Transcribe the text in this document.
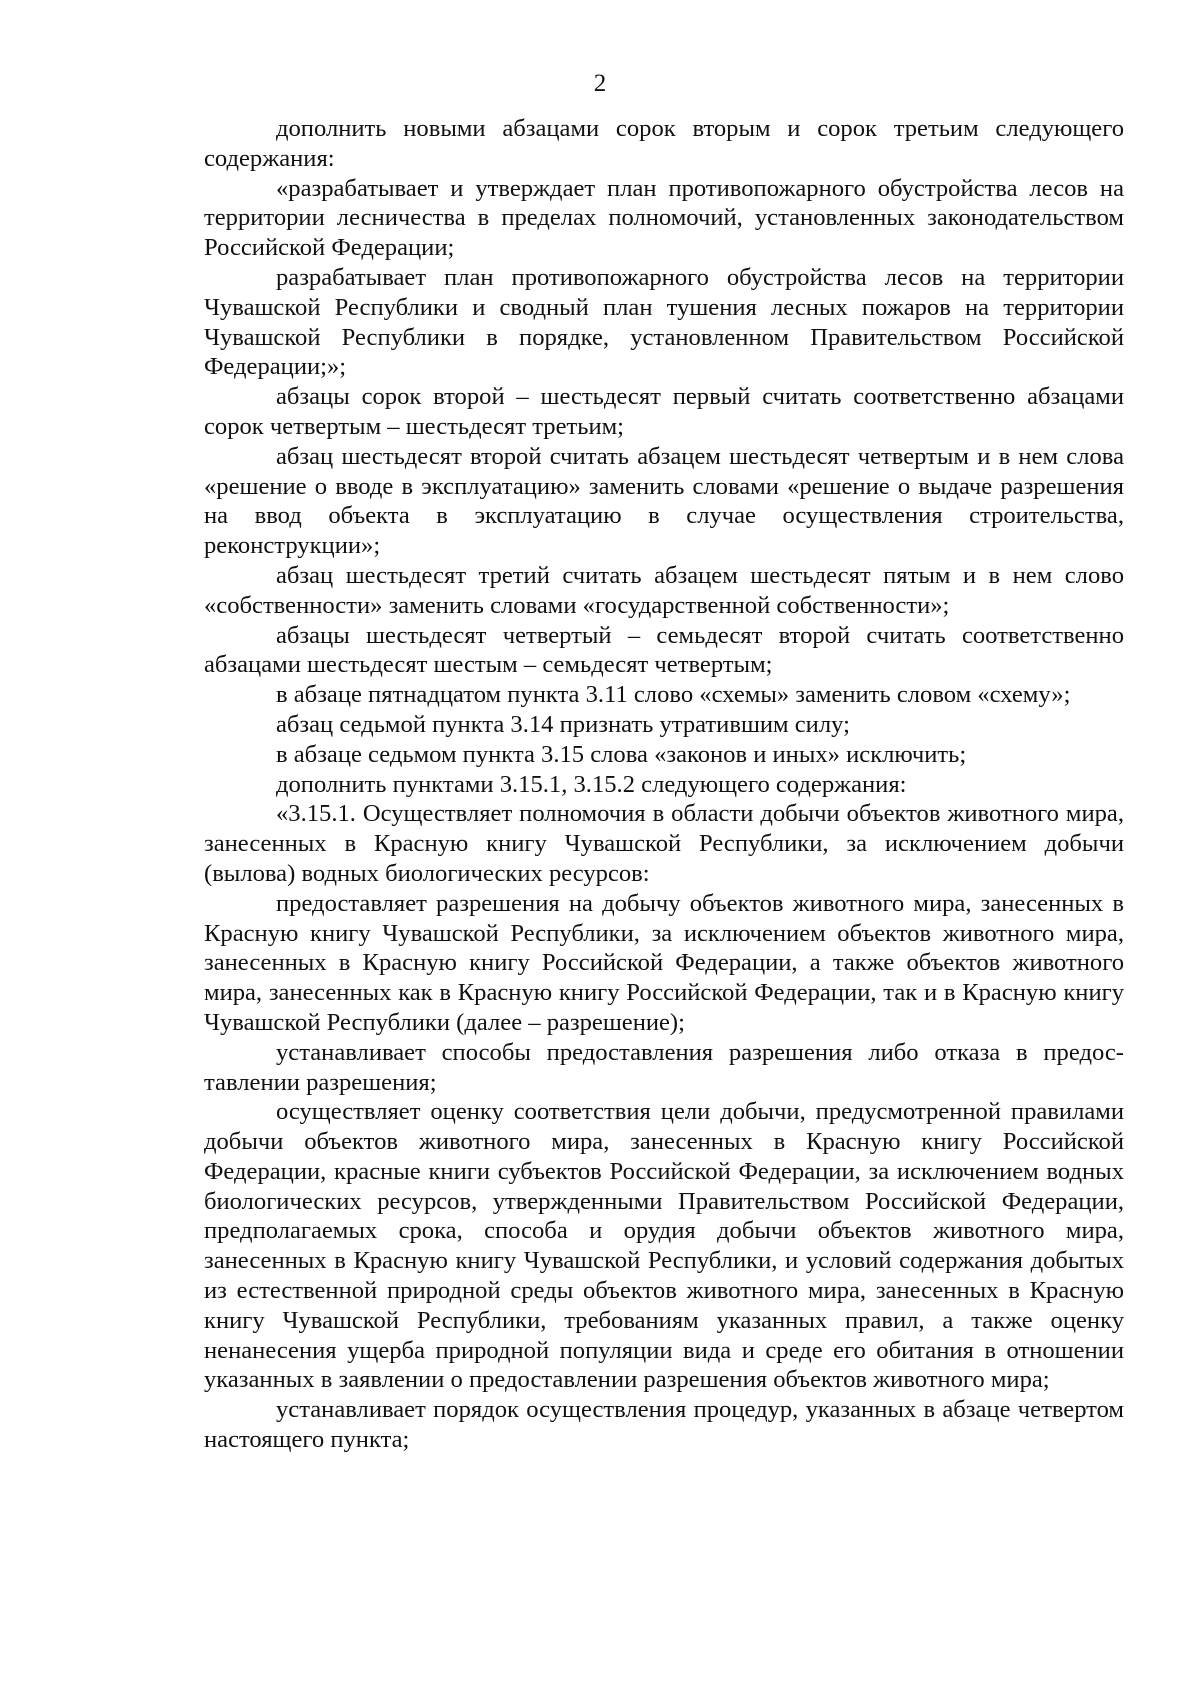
2

дополнить новыми абзацами сорок вторым и сорок третьим следующего содержания:

«разрабатывает и утверждает план противопожарного обустройства лесов на территории лесничества в пределах полномочий, установленных законодательством Российской Федерации;

разрабатывает план противопожарного обустройства лесов на территории Чувашской Республики и сводный план тушения лесных пожаров на территории Чувашской Республики в порядке, установленном Правительством Российской Федерации;»;

абзацы сорок второй – шестьдесят первый считать соответственно абзацами сорок четвертым – шестьдесят третьим;

абзац шестьдесят второй считать абзацем шестьдесят четвертым и в нем слова «решение о вводе в эксплуатацию» заменить словами «решение о выдаче разрешения на ввод объекта в эксплуатацию в случае осуществления строительства, реконструкции»;

абзац шестьдесят третий считать абзацем шестьдесят пятым и в нем слово «собственности» заменить словами «государственной собственности»;

абзацы шестьдесят четвертый – семьдесят второй считать соответственно абзацами шестьдесят шестым – семьдесят четвертым;

в абзаце пятнадцатом пункта 3.11 слово «схемы» заменить словом «схему»;

абзац седьмой пункта 3.14 признать утратившим силу;

в абзаце седьмом пункта 3.15 слова «законов и иных» исключить;

дополнить пунктами 3.15.1, 3.15.2 следующего содержания:

«3.15.1. Осуществляет полномочия в области добычи объектов животного мира, занесенных в Красную книгу Чувашской Республики, за исключением добычи (вылова) водных биологических ресурсов:

предоставляет разрешения на добычу объектов животного мира, занесенных в Красную книгу Чувашской Республики, за исключением объектов животного мира, занесенных в Красную книгу Российской Федерации, а также объектов животного мира, занесенных как в Красную книгу Российской Федерации, так и в Красную книгу Чувашской Республики (далее – разрешение);

устанавливает способы предоставления разрешения либо отказа в предоставлении разрешения;

осуществляет оценку соответствия цели добычи, предусмотренной правилами добычи объектов животного мира, занесенных в Красную книгу Российской Федерации, красные книги субъектов Российской Федерации, за исключением водных биологических ресурсов, утвержденными Правительством Российской Федерации, предполагаемых срока, способа и орудия добычи объектов животного мира, занесенных в Красную книгу Чувашской Республики, и условий содержания добытых из естественной природной среды объектов животного мира, занесенных в Красную книгу Чувашской Республики, требованиям указанных правил, а также оценку ненанесения ущерба природной популяции вида и среде его обитания в отношении указанных в заявлении о предоставлении разрешения объектов животного мира;

устанавливает порядок осуществления процедур, указанных в абзаце четвертом настоящего пункта;
